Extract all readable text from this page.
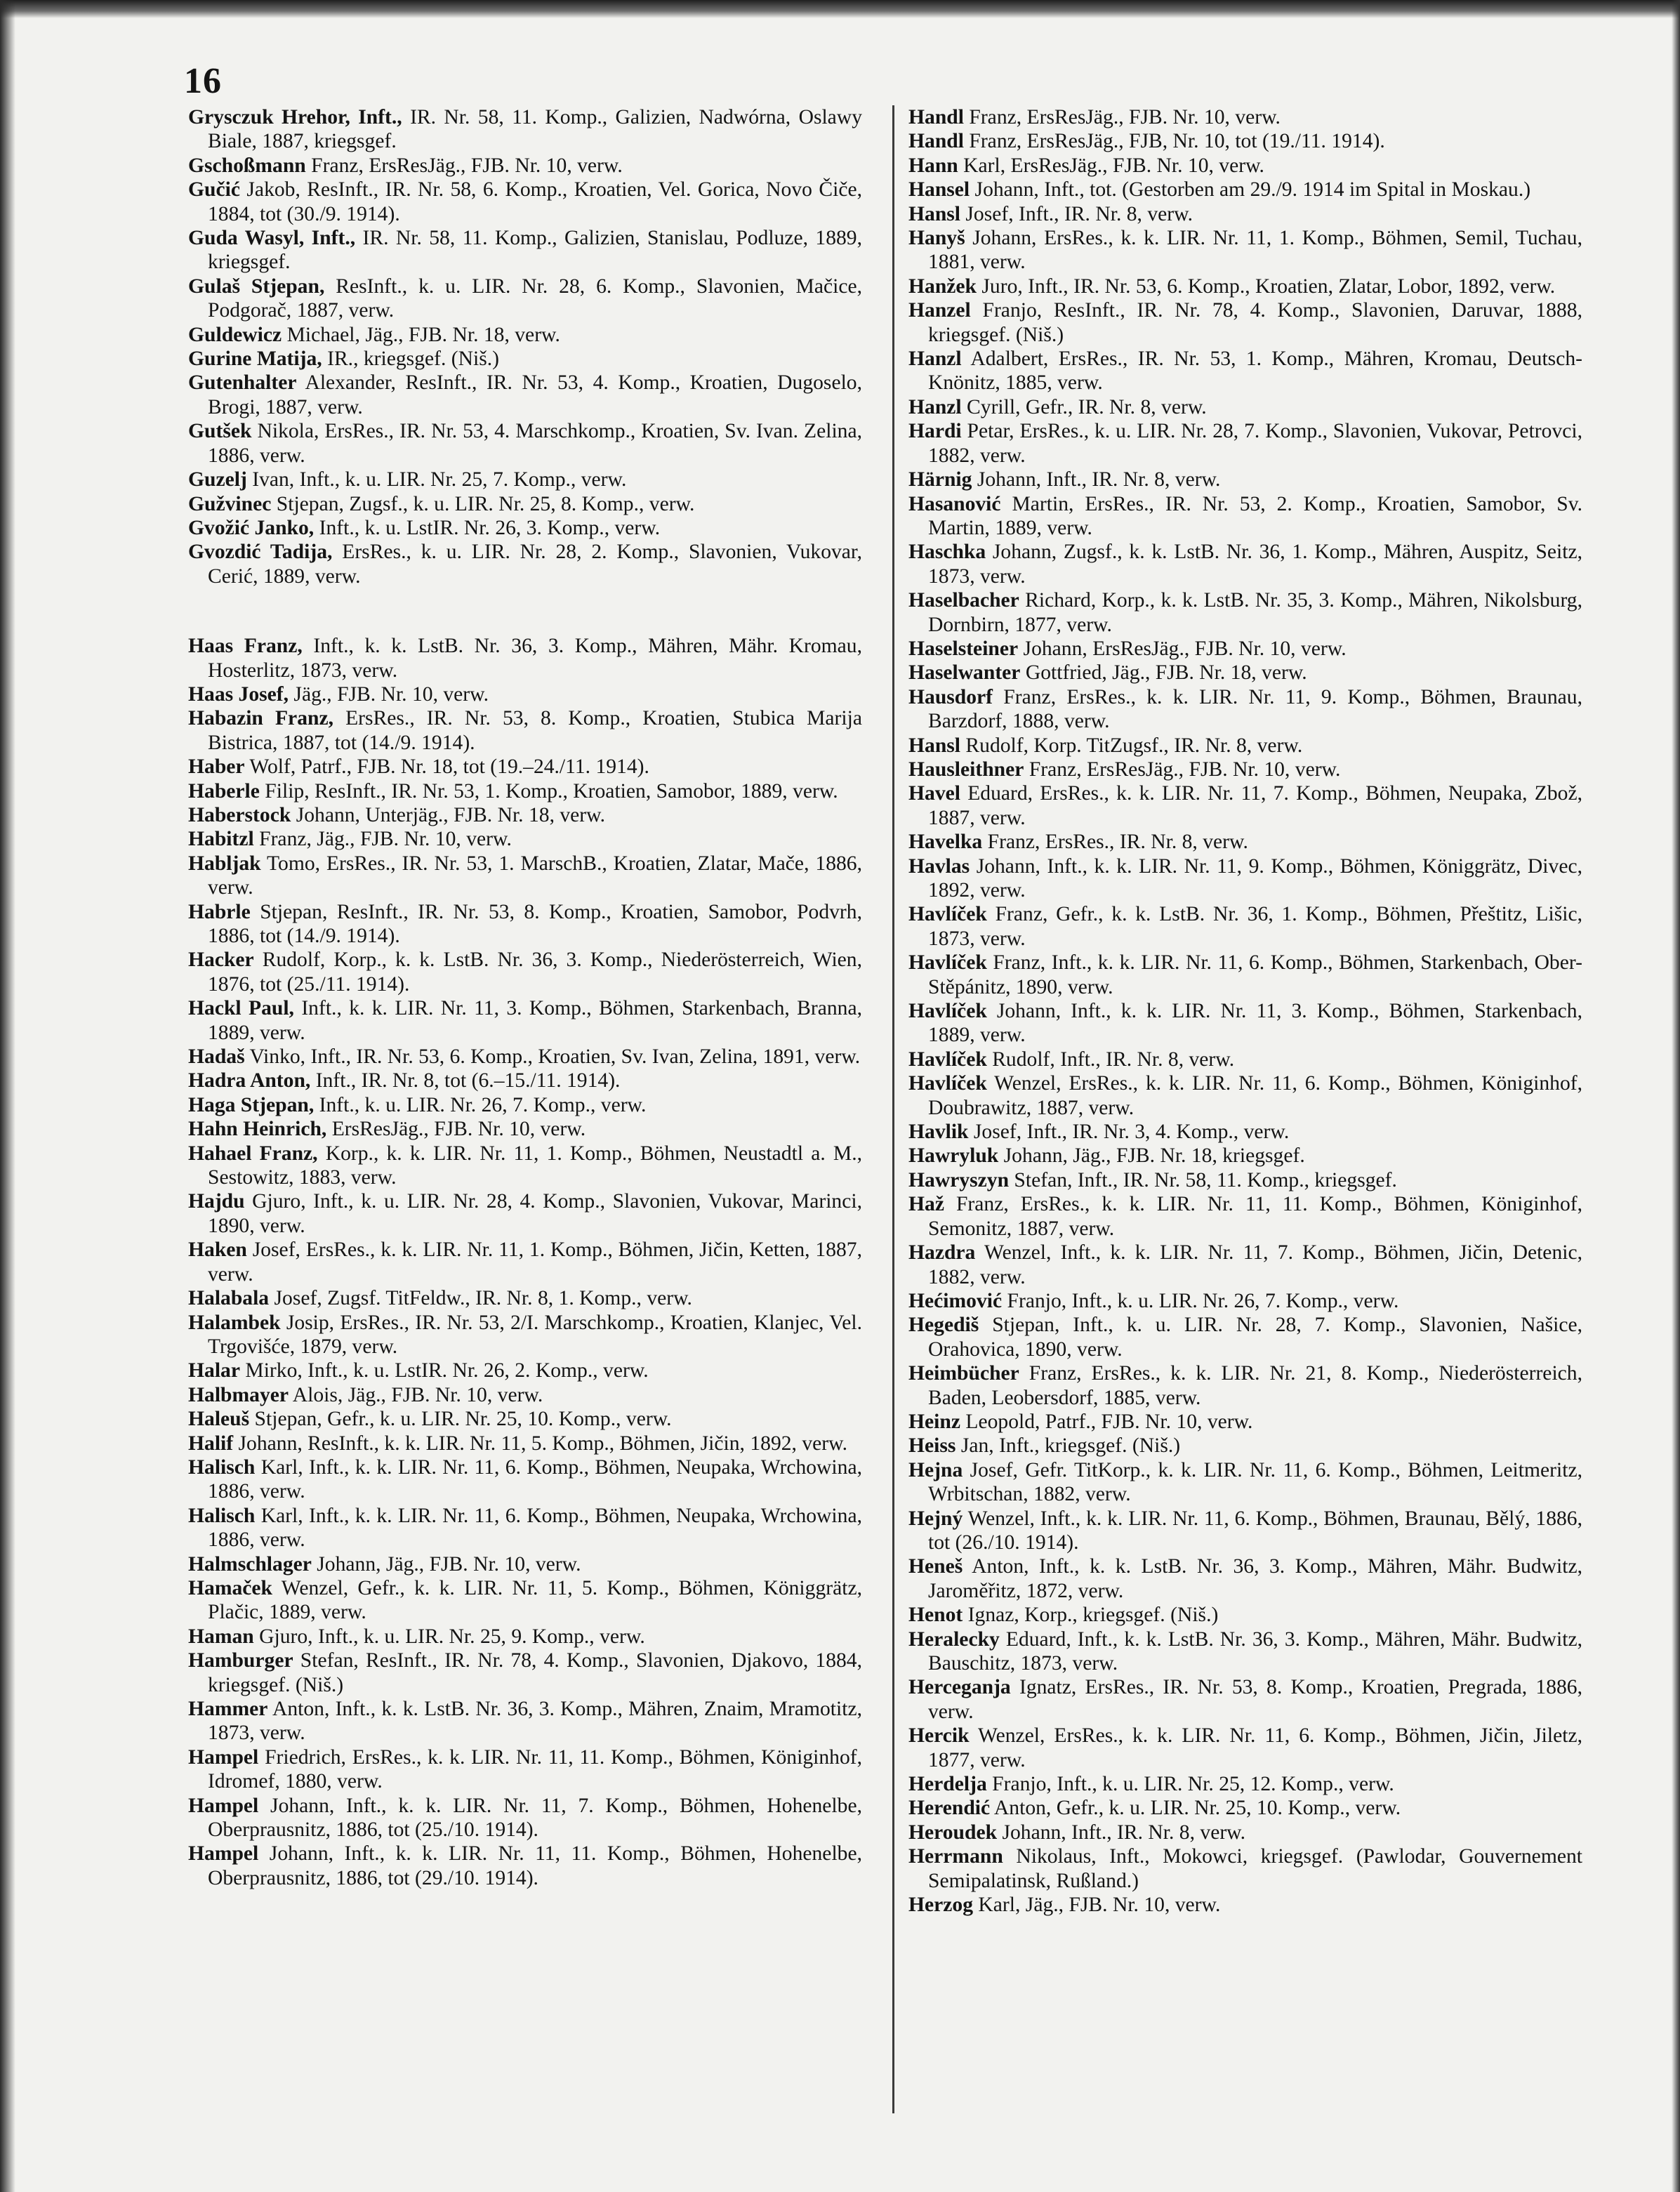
16
Grysczuk Hrehor, Inft., IR. Nr. 58, 11. Komp., Galizien, Nadwórna, Oslawy Biale, 1887, kriegsgef.
Gschoßmann Franz, ErsResJäg., FJB. Nr. 10, verw.
Gučić Jakob, ResInft., IR. Nr. 58, 6. Komp., Kroatien, Vel. Gorica, Novo Čiče, 1884, tot (30./9. 1914).
Guda Wasyl, Inft., IR. Nr. 58, 11. Komp., Galizien, Stanislau, Podluze, 1889, kriegsgef.
Gulaš Stjepan, ResInft., k. u. LIR. Nr. 28, 6. Komp., Slavonien, Mačice, Podgorač, 1887, verw.
Guldewicz Michael, Jäg., FJB. Nr. 18, verw.
Gurine Matija, IR., kriegsgef. (Niš.)
Gutenhalter Alexander, ResInft., IR. Nr. 53, 4. Komp., Kroatien, Dugoselo, Brogi, 1887, verw.
Gutšek Nikola, ErsRes., IR. Nr. 53, 4. Marschkomp., Kroatien, Sv. Ivan. Zelina, 1886, verw.
Guzelj Ivan, Inft., k. u. LIR. Nr. 25, 7. Komp., verw.
Gužvinec Stjepan, Zugsf., k. u. LIR. Nr. 25, 8. Komp., verw.
Gvožić Janko, Inft., k. u. LstIR. Nr. 26, 3. Komp., verw.
Gvozdić Tadija, ErsRes., k. u. LIR. Nr. 28, 2. Komp., Slavonien, Vukovar, Cerić, 1889, verw.
Haas Franz, Inft., k. k. LstB. Nr. 36, 3. Komp., Mähren, Mähr. Kromau, Hosterlitz, 1873, verw.
Haas Josef, Jäg., FJB. Nr. 10, verw.
Habazin Franz, ErsRes., IR. Nr. 53, 8. Komp., Kroatien, Stubica Marija Bistrica, 1887, tot (14./9. 1914).
Haber Wolf, Patrf., FJB. Nr. 18, tot (19.–24./11. 1914).
Haberle Filip, ResInft., IR. Nr. 53, 1. Komp., Kroatien, Samobor, 1889, verw.
Haberstock Johann, Unterjäg., FJB. Nr. 18, verw.
Habitzl Franz, Jäg., FJB. Nr. 10, verw.
Habljak Tomo, ErsRes., IR. Nr. 53, 1. MarschB., Kroatien, Zlatar, Mače, 1886, verw.
Habrle Stjepan, ResInft., IR. Nr. 53, 8. Komp., Kroatien, Samobor, Podvrh, 1886, tot (14./9. 1914).
Hacker Rudolf, Korp., k. k. LstB. Nr. 36, 3. Komp., Niederösterreich, Wien, 1876, tot (25./11. 1914).
Hackl Paul, Inft., k. k. LIR. Nr. 11, 3. Komp., Böhmen, Starkenbach, Branna, 1889, verw.
Hadaš Vinko, Inft., IR. Nr. 53, 6. Komp., Kroatien, Sv. Ivan, Zelina, 1891, verw.
Hadra Anton, Inft., IR. Nr. 8, tot (6.–15./11. 1914).
Haga Stjepan, Inft., k. u. LIR. Nr. 26, 7. Komp., verw.
Hahn Heinrich, ErsResJäg., FJB. Nr. 10, verw.
Hahael Franz, Korp., k. k. LIR. Nr. 11, 1. Komp., Böhmen, Neustadtl a. M., Sestowitz, 1883, verw.
Hajdu Gjuro, Inft., k. u. LIR. Nr. 28, 4. Komp., Slavonien, Vukovar, Marinci, 1890, verw.
Haken Josef, ErsRes., k. k. LIR. Nr. 11, 1. Komp., Böhmen, Jičin, Ketten, 1887, verw.
Halabala Josef, Zugsf. TitFeldw., IR. Nr. 8, 1. Komp., verw.
Halambek Josip, ErsRes., IR. Nr. 53, 2/I. Marschkomp., Kroatien, Klanjec, Vel. Trgovišće, 1879, verw.
Halar Mirko, Inft., k. u. LstIR. Nr. 26, 2. Komp., verw.
Halbmayer Alois, Jäg., FJB. Nr. 10, verw.
Haleuš Stjepan, Gefr., k. u. LIR. Nr. 25, 10. Komp., verw.
Halif Johann, ResInft., k. k. LIR. Nr. 11, 5. Komp., Böhmen, Jičin, 1892, verw.
Halisch Karl, Inft., k. k. LIR. Nr. 11, 6. Komp., Böhmen, Neupaka, Wrchowina, 1886, verw.
Halisch Karl, Inft., k. k. LIR. Nr. 11, 6. Komp., Böhmen, Neupaka, Wrchowina, 1886, verw.
Halmschlager Johann, Jäg., FJB. Nr. 10, verw.
Hamaček Wenzel, Gefr., k. k. LIR. Nr. 11, 5. Komp., Böhmen, Königgrätz, Plačic, 1889, verw.
Haman Gjuro, Inft., k. u. LIR. Nr. 25, 9. Komp., verw.
Hamburger Stefan, ResInft., IR. Nr. 78, 4. Komp., Slavonien, Djakovo, 1884, kriegsgef. (Niš.)
Hammer Anton, Inft., k. k. LstB. Nr. 36, 3. Komp., Mähren, Znaim, Mramotitz, 1873, verw.
Hampel Friedrich, ErsRes., k. k. LIR. Nr. 11, 11. Komp., Böhmen, Königinhof, Idromef, 1880, verw.
Hampel Johann, Inft., k. k. LIR. Nr. 11, 7. Komp., Böhmen, Hohenelbe, Oberprausnitz, 1886, tot (25./10. 1914).
Hampel Johann, Inft., k. k. LIR. Nr. 11, 11. Komp., Böhmen, Hohenelbe, Oberprausnitz, 1886, tot (29./10. 1914).
Handl Franz, ErsResJäg., FJB. Nr. 10, verw.
Handl Franz, ErsResJäg., FJB, Nr. 10, tot (19./11. 1914).
Hann Karl, ErsResJäg., FJB. Nr. 10, verw.
Hansel Johann, Inft., tot. (Gestorben am 29./9. 1914 im Spital in Moskau.)
Hansl Josef, Inft., IR. Nr. 8, verw.
Hanyš Johann, ErsRes., k. k. LIR. Nr. 11, 1. Komp., Böhmen, Semil, Tuchau, 1881, verw.
Hanžek Juro, Inft., IR. Nr. 53, 6. Komp., Kroatien, Zlatar, Lobor, 1892, verw.
Hanzel Franjo, ResInft., IR. Nr. 78, 4. Komp., Slavonien, Daruvar, 1888, kriegsgef. (Niš.)
Hanzl Adalbert, ErsRes., IR. Nr. 53, 1. Komp., Mähren, Kromau, Deutsch-Knönitz, 1885, verw.
Hanzl Cyrill, Gefr., IR. Nr. 8, verw.
Hardi Petar, ErsRes., k. u. LIR. Nr. 28, 7. Komp., Slavonien, Vukovar, Petrovci, 1882, verw.
Härnig Johann, Inft., IR. Nr. 8, verw.
Hasanović Martin, ErsRes., IR. Nr. 53, 2. Komp., Kroatien, Samobor, Sv. Martin, 1889, verw.
Haschka Johann, Zugsf., k. k. LstB. Nr. 36, 1. Komp., Mähren, Auspitz, Seitz, 1873, verw.
Haselbacher Richard, Korp., k. k. LstB. Nr. 35, 3. Komp., Mähren, Nikolsburg, Dornbirn, 1877, verw.
Haselsteiner Johann, ErsResJäg., FJB. Nr. 10, verw.
Haselwanter Gottfried, Jäg., FJB. Nr. 18, verw.
Hausdorf Franz, ErsRes., k. k. LIR. Nr. 11, 9. Komp., Böhmen, Braunau, Barzdorf, 1888, verw.
Hansl Rudolf, Korp. TitZugsf., IR. Nr. 8, verw.
Hausleithner Franz, ErsResJäg., FJB. Nr. 10, verw.
Havel Eduard, ErsRes., k. k. LIR. Nr. 11, 7. Komp., Böhmen, Neupaka, Zbož, 1887, verw.
Havelka Franz, ErsRes., IR. Nr. 8, verw.
Havlas Johann, Inft., k. k. LIR. Nr. 11, 9. Komp., Böhmen, Königgrätz, Divec, 1892, verw.
Havlíček Franz, Gefr., k. k. LstB. Nr. 36, 1. Komp., Böhmen, Přeštitz, Lišic, 1873, verw.
Havlíček Franz, Inft., k. k. LIR. Nr. 11, 6. Komp., Böhmen, Starkenbach, Ober-Stěpánitz, 1890, verw.
Havlíček Johann, Inft., k. k. LIR. Nr. 11, 3. Komp., Böhmen, Starkenbach, 1889, verw.
Havlíček Rudolf, Inft., IR. Nr. 8, verw.
Havlíček Wenzel, ErsRes., k. k. LIR. Nr. 11, 6. Komp., Böhmen, Königinhof, Doubrawitz, 1887, verw.
Havlik Josef, Inft., IR. Nr. 3, 4. Komp., verw.
Hawryluk Johann, Jäg., FJB. Nr. 18, kriegsgef.
Hawryszyn Stefan, Inft., IR. Nr. 58, 11. Komp., kriegsgef.
Haž Franz, ErsRes., k. k. LIR. Nr. 11, 11. Komp., Böhmen, Königinhof, Semonitz, 1887, verw.
Hazdra Wenzel, Inft., k. k. LIR. Nr. 11, 7. Komp., Böhmen, Jičin, Detenic, 1882, verw.
Hećimović Franjo, Inft., k. u. LIR. Nr. 26, 7. Komp., verw.
Hegediš Stjepan, Inft., k. u. LIR. Nr. 28, 7. Komp., Slavonien, Našice, Orahovica, 1890, verw.
Heimbücher Franz, ErsRes., k. k. LIR. Nr. 21, 8. Komp., Niederösterreich, Baden, Leobersdorf, 1885, verw.
Heinz Leopold, Patrf., FJB. Nr. 10, verw.
Heiss Jan, Inft., kriegsgef. (Niš.)
Hejna Josef, Gefr. TitKorp., k. k. LIR. Nr. 11, 6. Komp., Böhmen, Leitmeritz, Wrbitschan, 1882, verw.
Hejný Wenzel, Inft., k. k. LIR. Nr. 11, 6. Komp., Böhmen, Braunau, Bělý, 1886, tot (26./10. 1914).
Heneš Anton, Inft., k. k. LstB. Nr. 36, 3. Komp., Mähren, Mähr. Budwitz, Jaroměřitz, 1872, verw.
Henot Ignaz, Korp., kriegsgef. (Niš.)
Heralecky Eduard, Inft., k. k. LstB. Nr. 36, 3. Komp., Mähren, Mähr. Budwitz, Bauschitz, 1873, verw.
Herceganja Ignatz, ErsRes., IR. Nr. 53, 8. Komp., Kroatien, Pregrada, 1886, verw.
Hercik Wenzel, ErsRes., k. k. LIR. Nr. 11, 6. Komp., Böhmen, Jičin, Jiletz, 1877, verw.
Herdelja Franjo, Inft., k. u. LIR. Nr. 25, 12. Komp., verw.
Herendić Anton, Gefr., k. u. LIR. Nr. 25, 10. Komp., verw.
Heroudek Johann, Inft., IR. Nr. 8, verw.
Herrmann Nikolaus, Inft., Mokowci, kriegsgef. (Pawlodar, Gouvernement Semipalatinsk, Rußland.)
Herzog Karl, Jäg., FJB. Nr. 10, verw.
